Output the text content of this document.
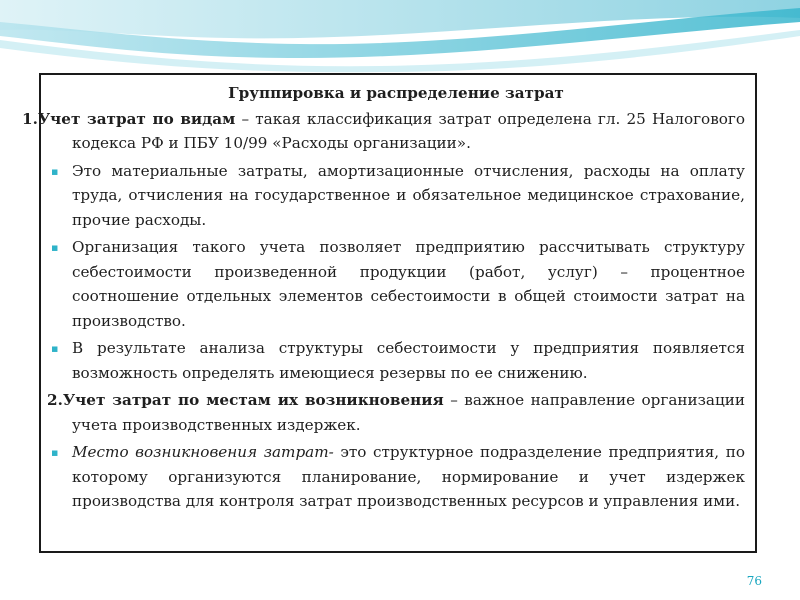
Группировка и распределение затрат
1.Учет затрат по видам – такая классификация затрат определена гл. 25 Налогового кодекса РФ и ПБУ 10/99 «Расходы организации».
▪ Это материальные затраты, амортизационные отчисления, расходы на оплату труда, отчисления на государственное и обязательное медицинское страхование, прочие расходы.
▪ Организация такого учета позволяет предприятию рассчитывать структуру себестоимости произведенной продукции (работ, услуг) – процентное соотношение отдельных элементов себестоимости в общей стоимости затрат на производство.
▪ В результате анализа структуры себестоимости у предприятия появляется возможность определять имеющиеся резервы по ее снижению.
2.Учет затрат по местам их возникновения – важное направление организации учета производственных издержек.
▪ Место возникновения затрат- это структурное подразделение предприятия, по которому организуются планирование, нормирование и учет издержек производства для контроля затрат производственных ресурсов и управления ими.
76
